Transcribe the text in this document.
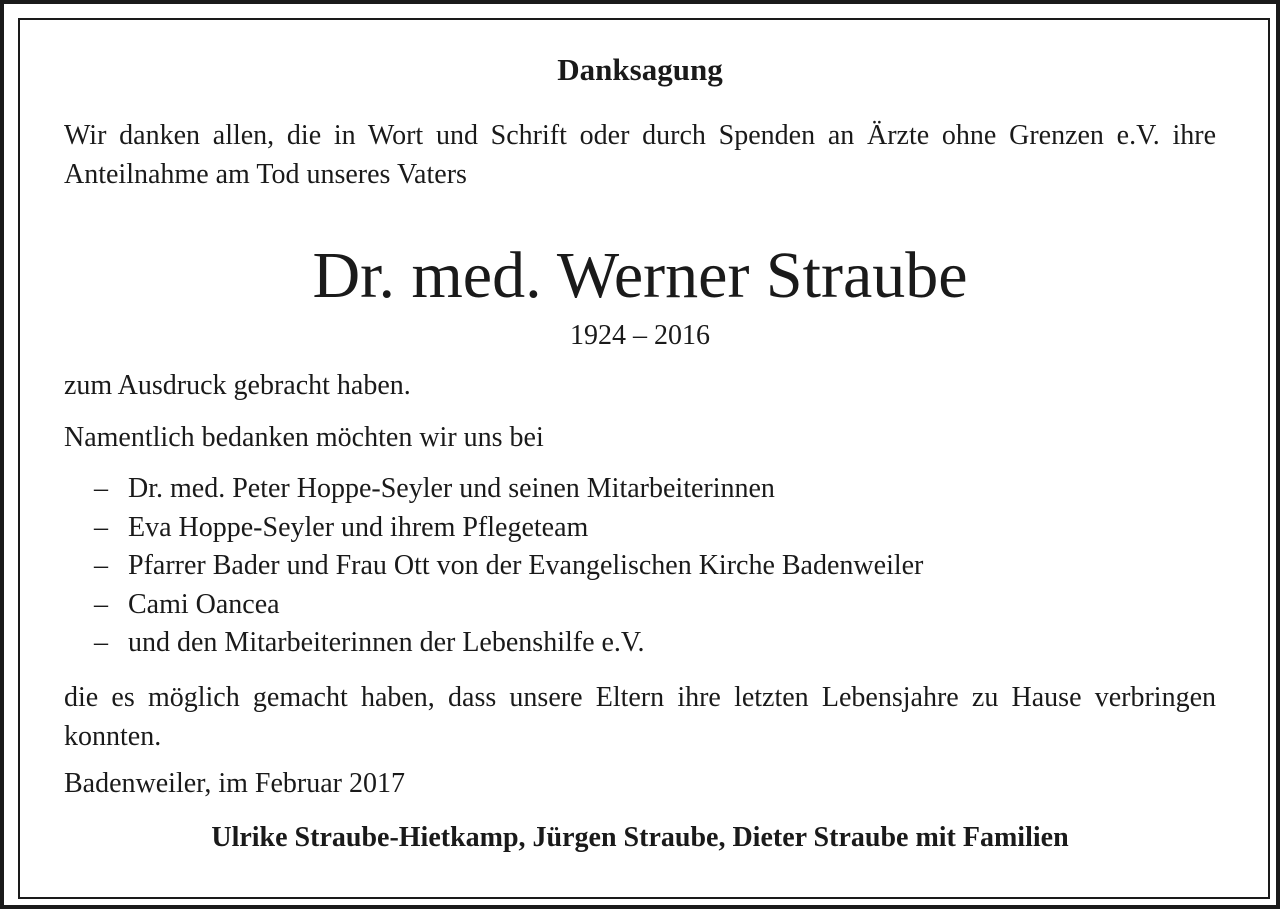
Danksagung

Wir danken allen, die in Wort und Schrift oder durch Spenden an Ärzte ohne Grenzen e.V. ihre Anteilnahme am Tod unseres Vaters

Dr. med. Werner Straube

1924 – 2016

zum Ausdruck gebracht haben.

Namentlich bedanken möchten wir uns bei

– Dr. med. Peter Hoppe-Seyler und seinen Mitarbeiterinnen
– Eva Hoppe-Seyler und ihrem Pflegeteam
– Pfarrer Bader und Frau Ott von der Evangelischen Kirche Badenweiler
– Cami Oancea
– und den Mitarbeiterinnen der Lebenshilfe e.V.

die es möglich gemacht haben, dass unsere Eltern ihre letzten Lebensjahre zu Hause verbringen konnten.

Badenweiler, im Februar 2017

Ulrike Straube-Hietkamp, Jürgen Straube, Dieter Straube mit Familien
